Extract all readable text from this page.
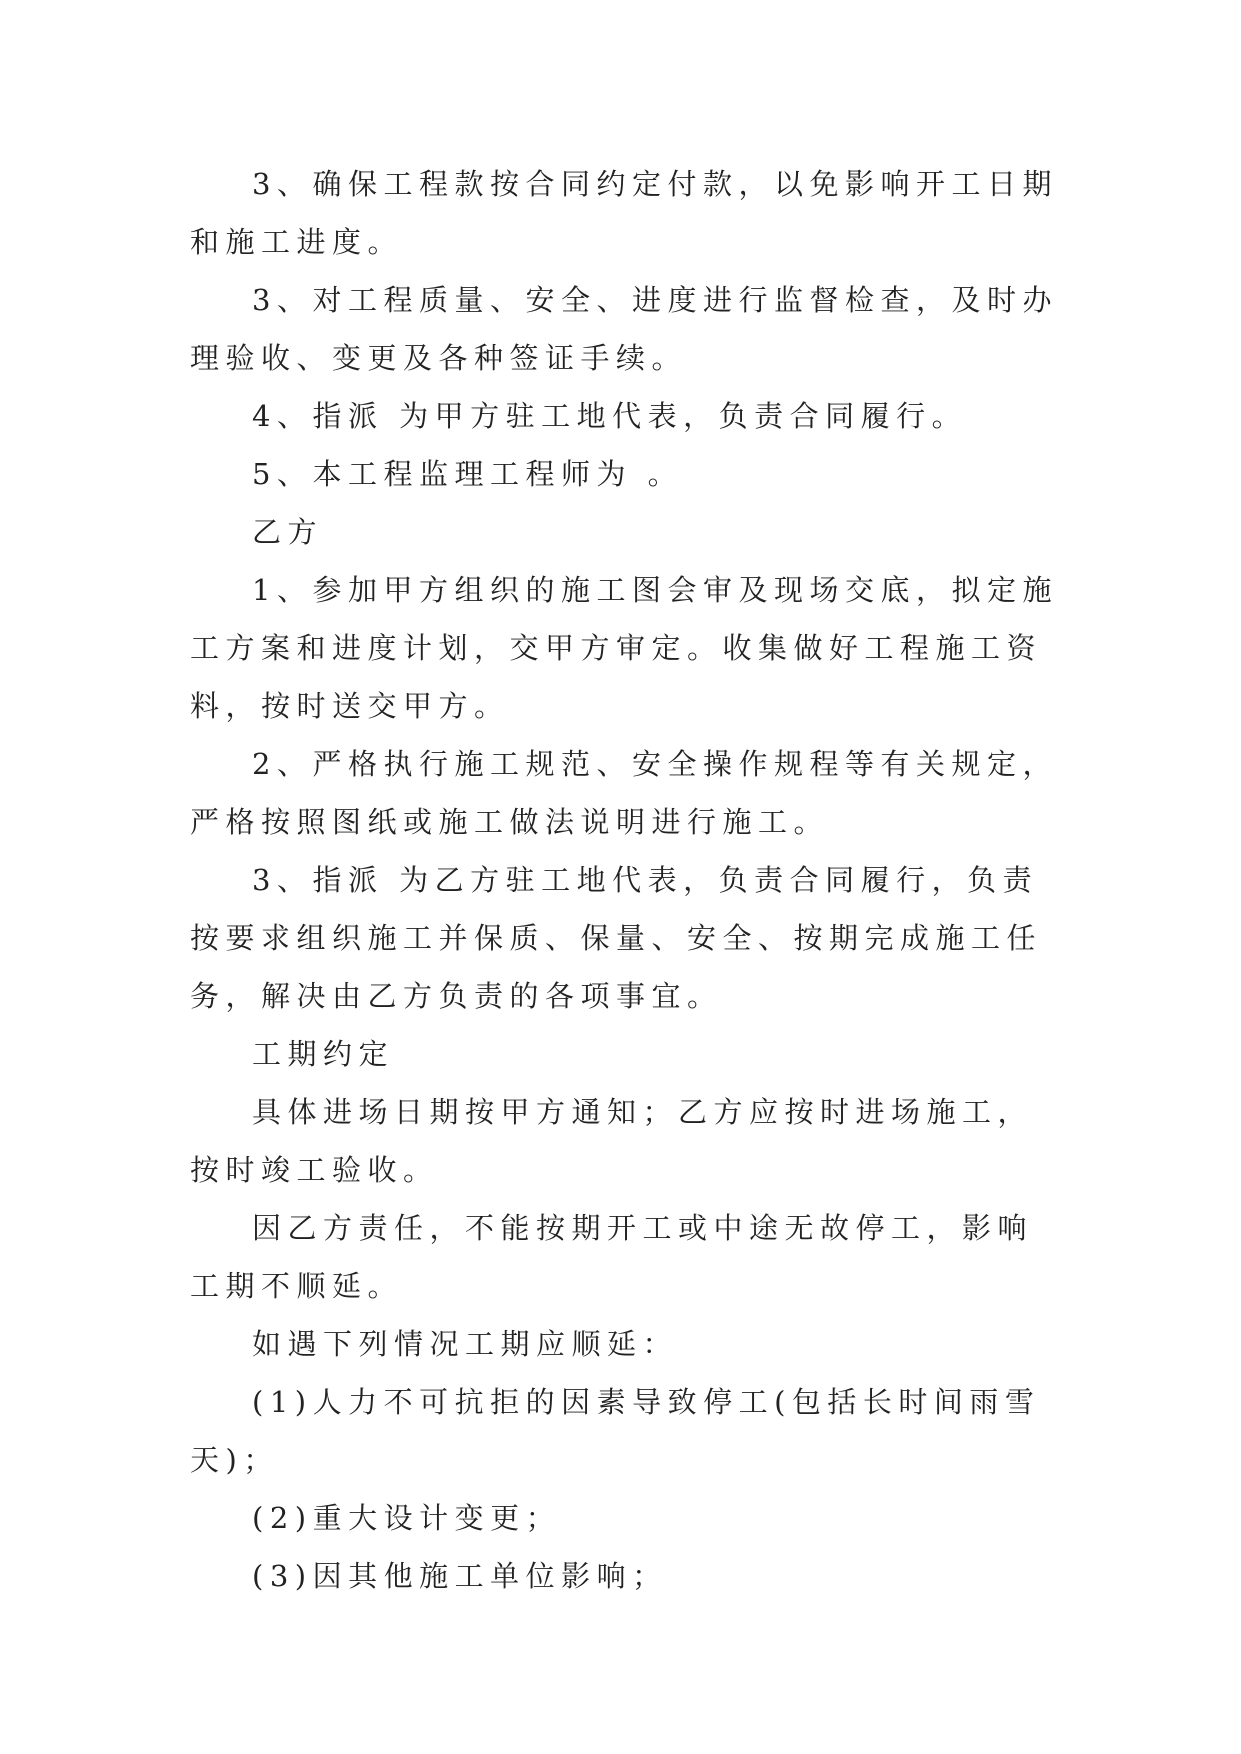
3、确保工程款按合同约定付款，以免影响开工日期和施工进度。

3、对工程质量、安全、进度进行监督检查，及时办理验收、变更及各种签证手续。

4、指派 为甲方驻工地代表，负责合同履行。

5、本工程监理工程师为 。

乙方

1、参加甲方组织的施工图会审及现场交底，拟定施工方案和进度计划，交甲方审定。收集做好工程施工资料，按时送交甲方。

2、严格执行施工规范、安全操作规程等有关规定，严格按照图纸或施工做法说明进行施工。

3、指派 为乙方驻工地代表，负责合同履行，负责按要求组织施工并保质、保量、安全、按期完成施工任务，解决由乙方负责的各项事宜。

工期约定

具体进场日期按甲方通知；乙方应按时进场施工，按时竣工验收。

因乙方责任，不能按期开工或中途无故停工，影响工期不顺延。

如遇下列情况工期应顺延：

(1)人力不可抗拒的因素导致停工(包括长时间雨雪天)；

(2)重大设计变更；

(3)因其他施工单位影响；
